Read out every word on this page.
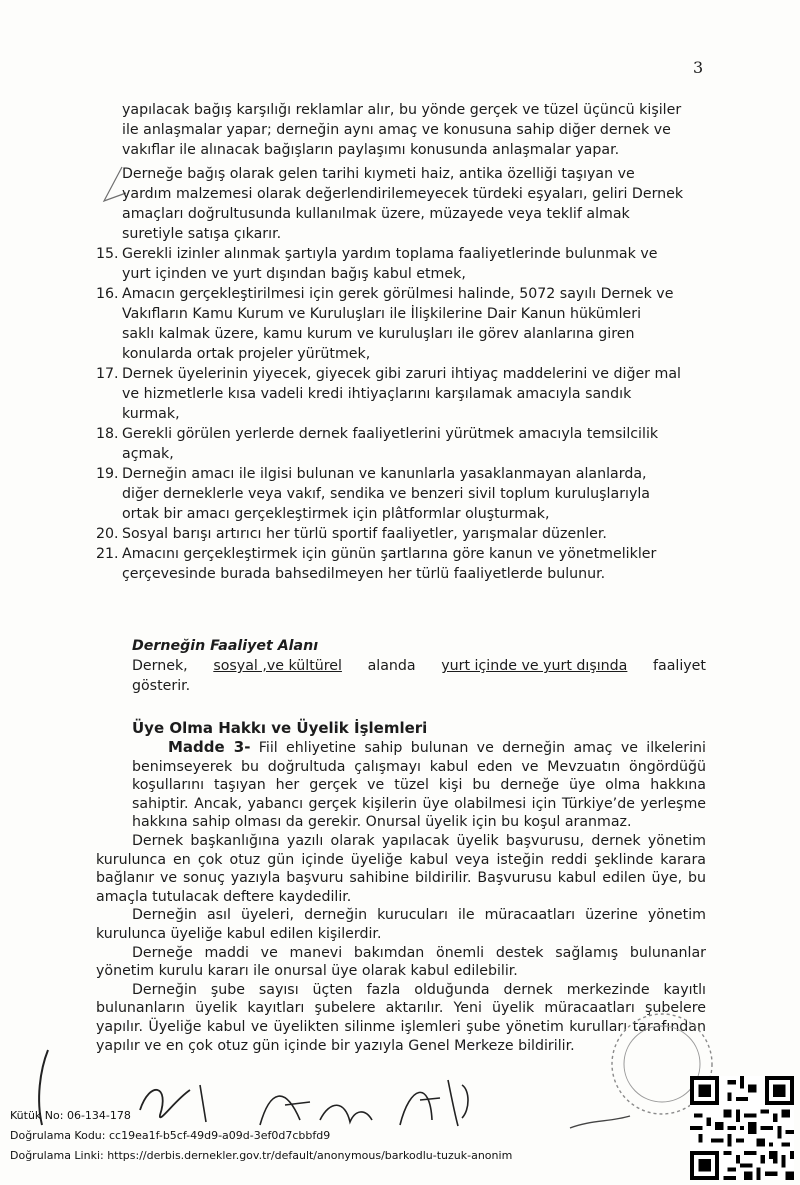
3
yapılacak bağış karşılığı reklamlar alır, bu yönde gerçek ve tüzel üçüncü kişiler
ile anlaşmalar yapar; derneğin aynı amaç ve konusuna sahip diğer dernek ve
vakıflar ile alınacak bağışların paylaşımı konusunda anlaşmalar yapar.
Derneğe bağış olarak gelen tarihi kıymeti haiz, antika özelliği taşıyan ve
yardım malzemesi olarak değerlendirilemeyecek türdeki eşyaları, geliri Dernek
amaçları doğrultusunda kullanılmak üzere, müzayede veya teklif almak
suretiyle satışa çıkarır.
15. Gerekli izinler alınmak şartıyla yardım toplama faaliyetlerinde bulunmak ve
yurt içinden ve yurt dışından bağış kabul etmek,
16. Amacın gerçekleştirilmesi için gerek görülmesi halinde, 5072 sayılı Dernek ve
Vakıfların Kamu Kurum ve Kuruluşları ile İlişkilerine Dair Kanun hükümleri
saklı kalmak üzere, kamu kurum ve kuruluşları ile görev alanlarına giren
konularda ortak projeler yürütmek,
17. Dernek üyelerinin yiyecek, giyecek gibi zaruri ihtiyaç maddelerini ve diğer mal
ve hizmetlerle kısa vadeli kredi ihtiyaçlarını karşılamak amacıyla sandık
kurmak,
18. Gerekli görülen yerlerde dernek faaliyetlerini yürütmek amacıyla temsilcilik
açmak,
19. Derneğin amacı ile ilgisi bulunan ve kanunlarla yasaklanmayan alanlarda,
diğer derneklerle veya vakıf, sendika ve benzeri sivil toplum kuruluşlarıyla
ortak bir amacı gerçekleştirmek için plâtformlar oluşturmak,
20. Sosyal barışı artırıcı her türlü sportif faaliyetler, yarışmalar düzenler.
21. Amacını gerçekleştirmek için günün şartlarına göre kanun ve yönetmelikler
çerçevesinde burada bahsedilmeyen her türlü faaliyetlerde bulunur.
Derneğin Faaliyet Alanı
Dernek, sosyal ,ve kültürel alanda yurt içinde ve yurt dışında faaliyet
gösterir.
Üye Olma Hakkı ve Üyelik İşlemleri

Madde 3- Fiil ehliyetine sahip bulunan ve derneğin amaç ve ilkelerini benimseyerek bu doğrultuda çalışmayı kabul eden ve Mevzuatın öngördüğü koşullarını taşıyan her gerçek ve tüzel kişi bu derneğe üye olma hakkına sahiptir. Ancak, yabancı gerçek kişilerin üye olabilmesi için Türkiye’de yerleşme hakkına sahip olması da gerekir. Onursal üyelik için bu koşul aranmaz.

Dernek başkanlığına yazılı olarak yapılacak üyelik başvurusu, dernek yönetim kurulunca en çok otuz gün içinde üyeliğe kabul veya isteğin reddi şeklinde karara bağlanır ve sonuç yazıyla başvuru sahibine bildirilir. Başvurusu kabul edilen üye, bu amaçla tutulacak deftere kaydedilir.

Derneğin asıl üyeleri, derneğin kurucuları ile müracaatları üzerine yönetim kurulunca üyeliğe kabul edilen kişilerdir.

Derneğe maddi ve manevi bakımdan önemli destek sağlamış bulunanlar yönetim kurulu kararı ile onursal üye olarak kabul edilebilir.

Derneğin şube sayısı üçten fazla olduğunda dernek merkezinde kayıtlı bulunanların üyelik kayıtları şubelere aktarılır. Yeni üyelik müracaatları şubelere yapılır. Üyeliğe kabul ve üyelikten silinme işlemleri şube yönetim kurulları tarafından yapılır ve en çok otuz gün içinde bir yazıyla Genel Merkeze bildirilir.

Kütük No: 06-134-178
Doğrulama Kodu: cc19ea1f-b5cf-49d9-a09d-3ef0d7cbbfd9
Doğrulama Linki: https://derbis.dernekler.gov.tr/default/anonymous/barkodlu-tuzuk-anonim
